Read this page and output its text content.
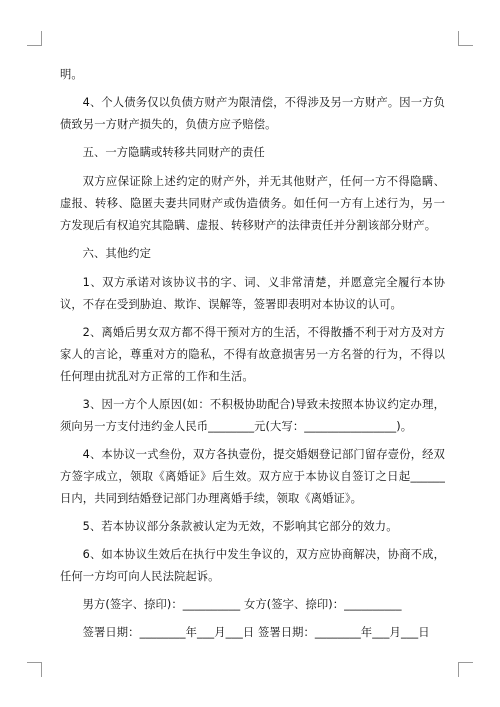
明。

4、个人债务仅以负债方财产为限清偿，不得涉及另一方财产。因一方负债致另一方财产损失的，负债方应予赔偿。

五、一方隐瞒或转移共同财产的责任

双方应保证除上述约定的财产外，并无其他财产，任何一方不得隐瞒、虚报、转移、隐匿夫妻共同财产或伪造债务。如任何一方有上述行为，另一方发现后有权追究其隐瞒、虚报、转移财产的法律责任并分割该部分财产。

六、其他约定

1、双方承诺对该协议书的字、词、义非常清楚，并愿意完全履行本协议，不存在受到胁迫、欺诈、误解等，签署即表明对本协议的认可。

2、离婚后男女双方都不得干预对方的生活，不得散播不利于对方及对方家人的言论，尊重对方的隐私，不得有故意损害另一方名誉的行为，不得以任何理由扰乱对方正常的工作和生活。

3、因一方个人原因(如：不积极协助配合)导致未按照本协议约定办理，须向另一方支付违约金人民币________元(大写：________________)。

4、本协议一式叁份，双方各执壹份，提交婚姻登记部门留存壹份，经双方签字成立，领取《离婚证》后生效。双方应于本协议自签订之日起______日内，共同到结婚登记部门办理离婚手续，领取《离婚证》。

5、若本协议部分条款被认定为无效，不影响其它部分的效力。

6、如本协议生效后在执行中发生争议的，双方应协商解决，协商不成，任何一方均可向人民法院起诉。

男方(签字、捺印)：__________ 女方(签字、捺印)：__________

签署日期：________年___月___日 签署日期：________年___月___日
